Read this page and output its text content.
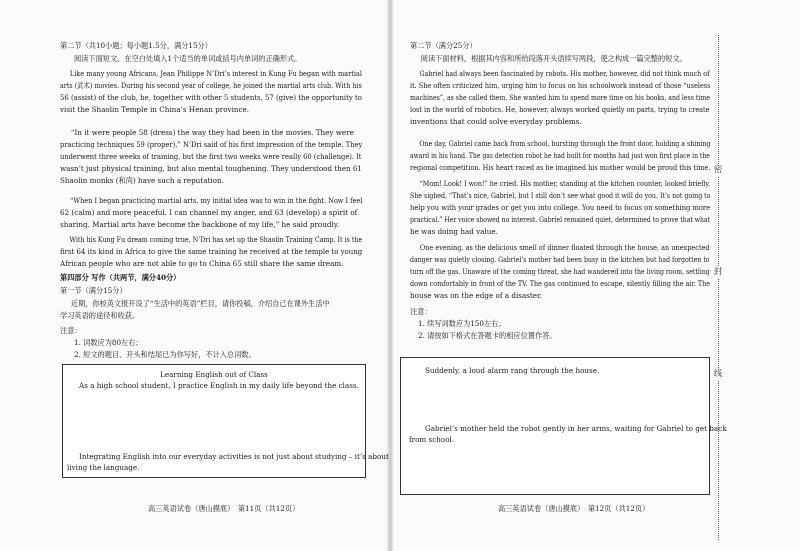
第二节（共10小题；每小题1.5分，满分15分）

阅读下面短文，在空白处填入1个适当的单词或括号内单词的正确形式。

Like many young Africans, Jean Philippe N’Dri’s interest in Kung Fu began with martial

arts (武术) movies. During his second year of college, he joined the martial arts club. With his

56 (assist) of the club, he, together with other 5 students, 57 (give) the opportunity to

visit the Shaolin Temple in China’s Henan province.

“In it were people 58 (dress) the way they had been in the movies. They were

practicing techniques 59 (proper),” N’Dri said of his first impression of the temple. They

underwent three weeks of training, but the first two weeks were really 60 (challenge). It

wasn’t just physical training, but also mental toughening. They understood then 61

Shaolin monks (和尚) have such a reputation.

“When I began practicing martial arts, my initial idea was to win in the fight. Now I feel

62 (calm) and more peaceful. I can channel my anger, and 63 (develop) a spirit of

sharing. Martial arts have become the backbone of my life,” he said proudly.

With his Kung Fu dream coming true, N’Dri has set up the Shaolin Training Camp. It is the

first 64 its kind in Africa to give the same training he received at the temple to young

African people who are not able to go to China 65 still share the same dream.

第四部分 写作（共两节，满分40分）

第一节（满分15分）

近期，你校英文报开设了“生活中的英语”栏目，请你投稿，介绍自己在课外生活中

学习英语的途径和收获。

注意：

1. 词数应为80左右；

2. 短文的题目、开头和结尾已为你写好，不计入总词数。

Learning English out of Class
As a high school student, I practice English in my daily life beyond the class.
Integrating English into our everyday activities is not just about studying – it’s about
living the language.
高三英语试卷（唐山摸底）　第11页（共12页）

第二节（满分25分）

阅读下面材料，根据其内容和所给段落开头语续写两段，使之构成一篇完整的短文。

Gabriel had always been fascinated by robots. His mother, however, did not think much of

it. She often criticized him, urging him to focus on his schoolwork instead of those “useless

machines”, as she called them. She wanted him to spend more time on his books, and less time

lost in the world of robotics. He, however, always worked quietly on parts, trying to create

inventions that could solve everyday problems.

One day, Gabriel came back from school, bursting through the front door, holding a shining

award in his hand. The gas detection robot he had built for months had just won first place in the

regional competition. His heart raced as he imagined his mother would be proud this time.

“Mom! Look! I won!” he cried. His mother, standing at the kitchen counter, looked briefly.

She sighed, “That’s nice, Gabriel, but I still don’t see what good it will do you. It’s not going to

help you with your grades or get you into college. You need to focus on something more

practical.” Her voice showed no interest. Gabriel remained quiet, determined to prove that what

he was doing had value.

One evening, as the delicious smell of dinner floated through the house, an unexpected

danger was quietly closing. Gabriel’s mother had been busy in the kitchen but had forgotten to

turn off the gas. Unaware of the coming threat, she had wandered into the living room, settling

down comfortably in front of the TV. The gas continued to escape, silently filling the air. The

house was on the edge of a disaster.

注意：

1. 续写词数应为150左右；

2. 请按如下格式在答题卡的相应位置作答。

Suddenly, a loud alarm rang through the house.
Gabriel’s mother held the robot gently in her arms, waiting for Gabriel to get back
from school.
高三英语试卷（唐山摸底）　第12页（共12页）
密
封
线
